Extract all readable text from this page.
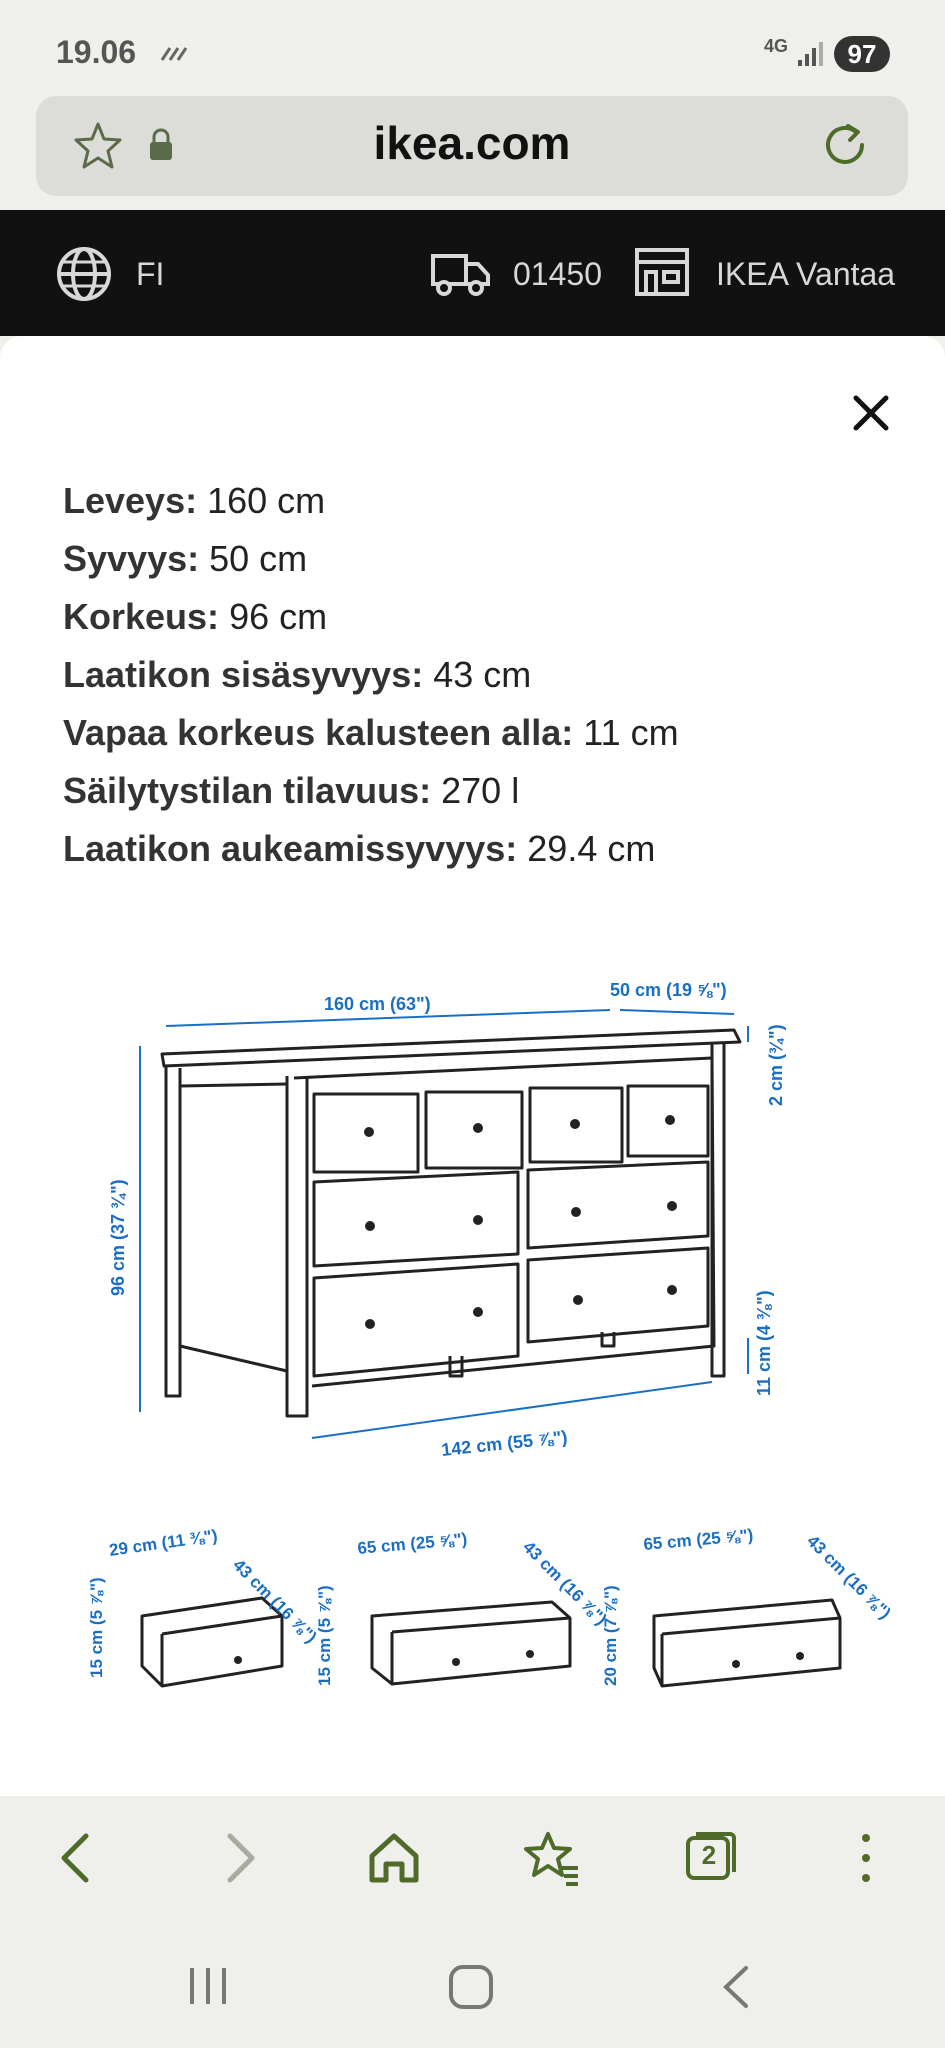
19.06	4G	97
ikea.com
FI	01450	IKEA Vantaa
Leveys: 160 cm
Syvyys: 50 cm
Korkeus: 96 cm
Laatikon sisäsyvyys: 43 cm
Vapaa korkeus kalusteen alla: 11 cm
Säilytystilan tilavuus: 270 l
Laatikon aukeamissyvyys: 29.4 cm
160 cm (63")
50 cm (19 ⅝")
2 cm (¾")
96 cm (37 ¾")
11 cm (4 ⅜")
142 cm (55 ⅞")
29 cm (11 ⅜")
43 cm (16 ⅞")
15 cm (5 ⅞")
65 cm (25 ⅝")	43 cm (16 ⅞")
15 cm (5 ⅞")
65 cm (25 ⅝")	43 cm (16 ⅞")
20 cm (7 ⅞")
2
